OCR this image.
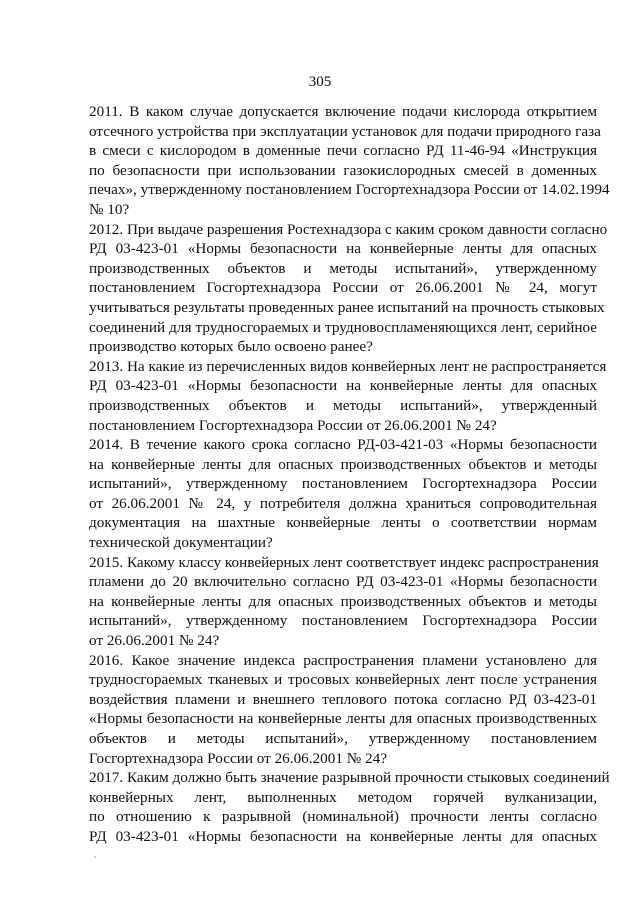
305
2011. В каком случае допускается включение подачи кислорода открытием
отсечного устройства при эксплуатации установок для подачи природного газа
в смеси с кислородом в доменные печи согласно РД 11-46-94 «Инструкция
по безопасности при использовании газокислородных смесей в доменных
печах», утвержденному постановлением Госгортехнадзора России от 14.02.1994
№ 10?
2012. При выдаче разрешения Ростехнадзора с каким сроком давности согласно
РД 03-423-01 «Нормы безопасности на конвейерные ленты для опасных
производственных объектов и методы испытаний», утвержденному
постановлением Госгортехнадзора России от 26.06.2001 № 24, могут
учитываться результаты проведенных ранее испытаний на прочность стыковых
соединений для трудносгораемых и трудновоспламеняющихся лент, серийное
производство которых было освоено ранее?
2013. На какие из перечисленных видов конвейерных лент не распространяется
РД 03-423-01 «Нормы безопасности на конвейерные ленты для опасных
производственных объектов и методы испытаний», утвержденный
постановлением Госгортехнадзора России от 26.06.2001 № 24?
2014. В течение какого срока согласно РД-03-421-03 «Нормы безопасности
на конвейерные ленты для опасных производственных объектов и методы
испытаний», утвержденному постановлением Госгортехнадзора России
от 26.06.2001 № 24, у потребителя должна храниться сопроводительная
документация на шахтные конвейерные ленты о соответствии нормам
технической документации?
2015. Какому классу конвейерных лент соответствует индекс распространения
пламени до 20 включительно согласно РД 03-423-01 «Нормы безопасности
на конвейерные ленты для опасных производственных объектов и методы
испытаний», утвержденному постановлением Госгортехнадзора России
от 26.06.2001 № 24?
2016. Какое значение индекса распространения пламени установлено для
трудносгораемых тканевых и тросовых конвейерных лент после устранения
воздействия пламени и внешнего теплового потока согласно РД 03-423-01
«Нормы безопасности на конвейерные ленты для опасных производственных
объектов и методы испытаний», утвержденному постановлением
Госгортехнадзора России от 26.06.2001 № 24?
2017. Каким должно быть значение разрывной прочности стыковых соединений
конвейерных лент, выполненных методом горячей вулканизации,
по отношению к разрывной (номинальной) прочности ленты согласно
РД 03-423-01 «Нормы безопасности на конвейерные ленты для опасных
